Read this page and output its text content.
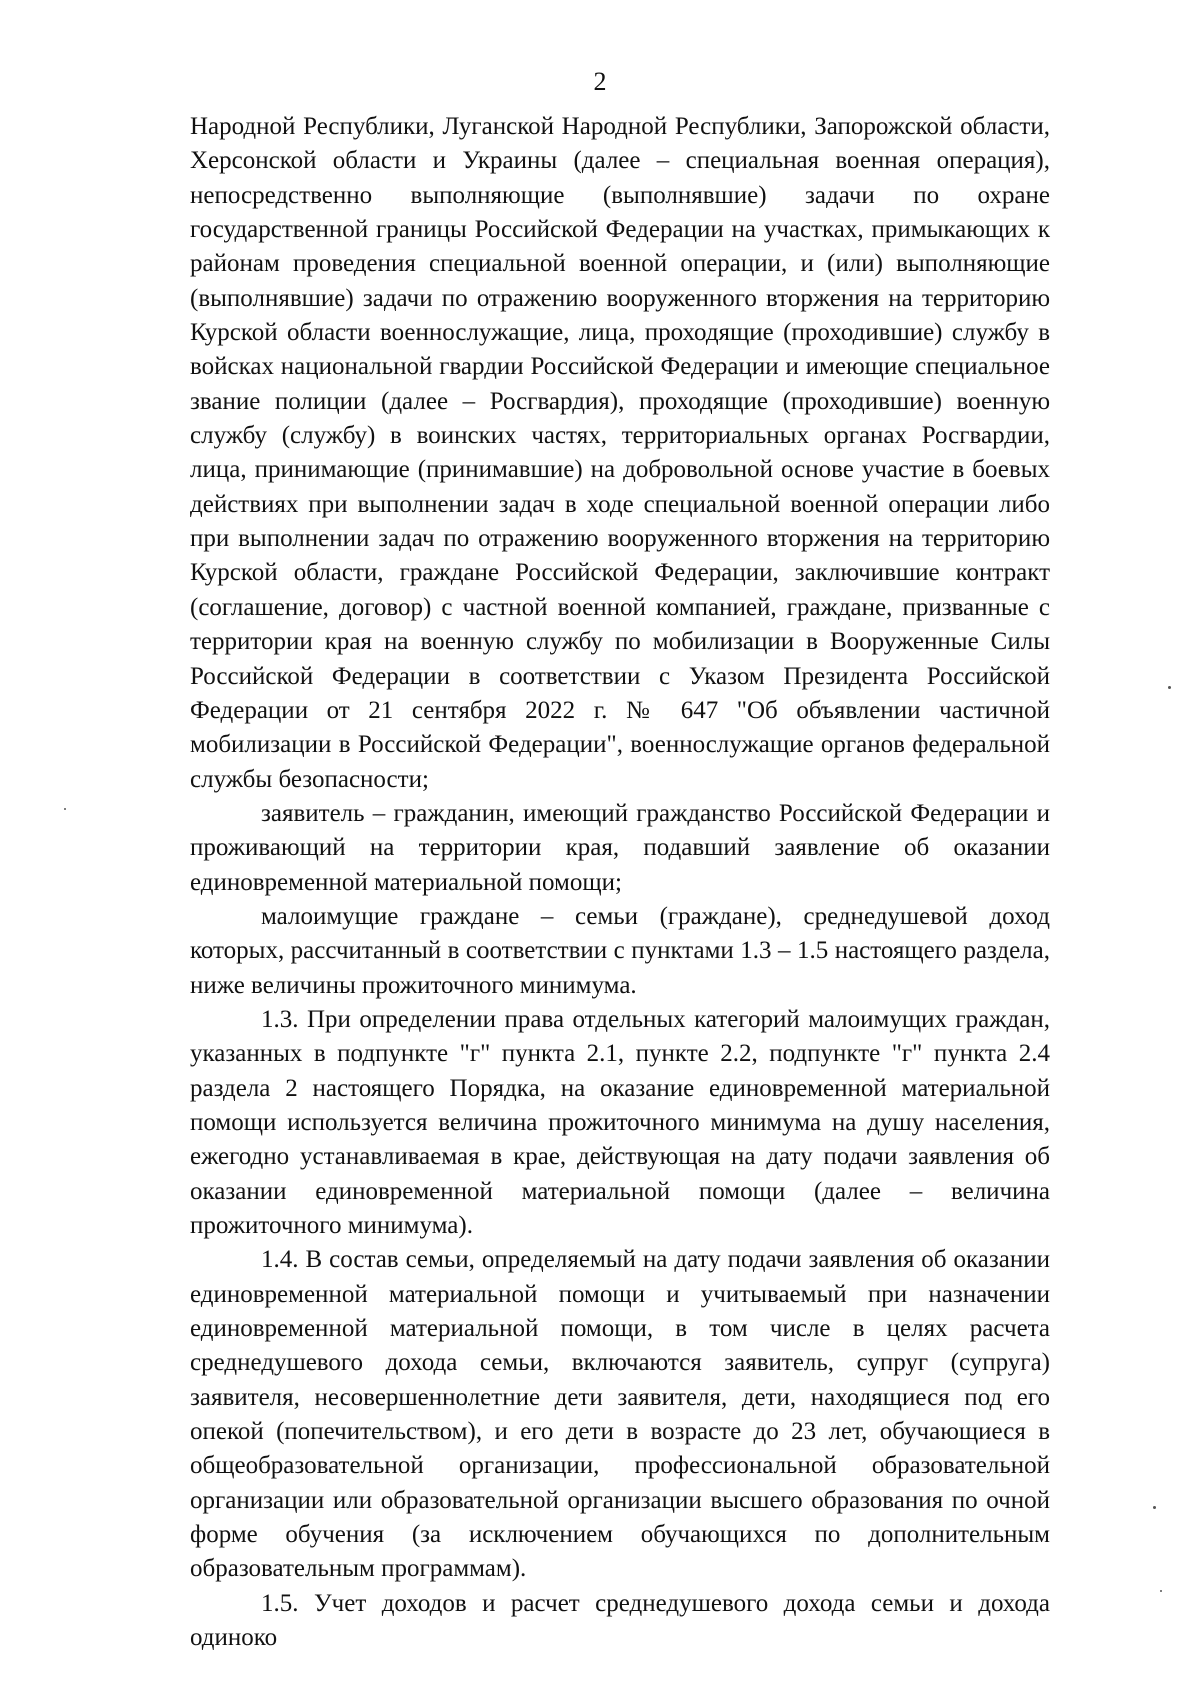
2

Народной Республики, Луганской Народной Республики, Запорожской области, Херсонской области и Украины (далее – специальная военная операция), непосредственно выполняющие (выполнявшие) задачи по охране государственной границы Российской Федерации на участках, примыкающих к районам проведения специальной военной операции, и (или) выполняющие (выполнявшие) задачи по отражению вооруженного вторжения на территорию Курской области военнослужащие, лица, проходящие (проходившие) службу в войсках национальной гвардии Российской Федерации и имеющие специальное звание полиции (далее – Росгвардия), проходящие (проходившие) военную службу (службу) в воинских частях, территориальных органах Росгвардии, лица, принимающие (принимавшие) на добровольной основе участие в боевых действиях при выполнении задач в ходе специальной военной операции либо при выполнении задач по отражению вооруженного вторжения на территорию Курской области, граждане Российской Федерации, заключившие контракт (соглашение, договор) с частной военной компанией, граждане, призванные с территории края на военную службу по мобилизации в Вооруженные Силы Российской Федерации в соответствии с Указом Президента Российской Федерации от 21 сентября 2022 г. № 647 "Об объявлении частичной мобилизации в Российской Федерации", военнослужащие органов федеральной службы безопасности;

заявитель – гражданин, имеющий гражданство Российской Федерации и проживающий на территории края, подавший заявление об оказании единовременной материальной помощи;

малоимущие граждане – семьи (граждане), среднедушевой доход которых, рассчитанный в соответствии с пунктами 1.3 – 1.5 настоящего раздела, ниже величины прожиточного минимума.

1.3. При определении права отдельных категорий малоимущих граждан, указанных в подпункте "г" пункта 2.1, пункте 2.2, подпункте "г" пункта 2.4 раздела 2 настоящего Порядка, на оказание единовременной материальной помощи используется величина прожиточного минимума на душу населения, ежегодно устанавливаемая в крае, действующая на дату подачи заявления об оказании единовременной материальной помощи (далее – величина прожиточного минимума).

1.4. В состав семьи, определяемый на дату подачи заявления об оказании единовременной материальной помощи и учитываемый при назначении единовременной материальной помощи, в том числе в целях расчета среднедушевого дохода семьи, включаются заявитель, супруг (супруга) заявителя, несовершеннолетние дети заявителя, дети, находящиеся под его опекой (попечительством), и его дети в возрасте до 23 лет, обучающиеся в общеобразовательной организации, профессиональной образовательной организации или образовательной организации высшего образования по очной форме обучения (за исключением обучающихся по дополнительным образовательным программам).

1.5. Учет доходов и расчет среднедушевого дохода семьи и дохода одиноко
